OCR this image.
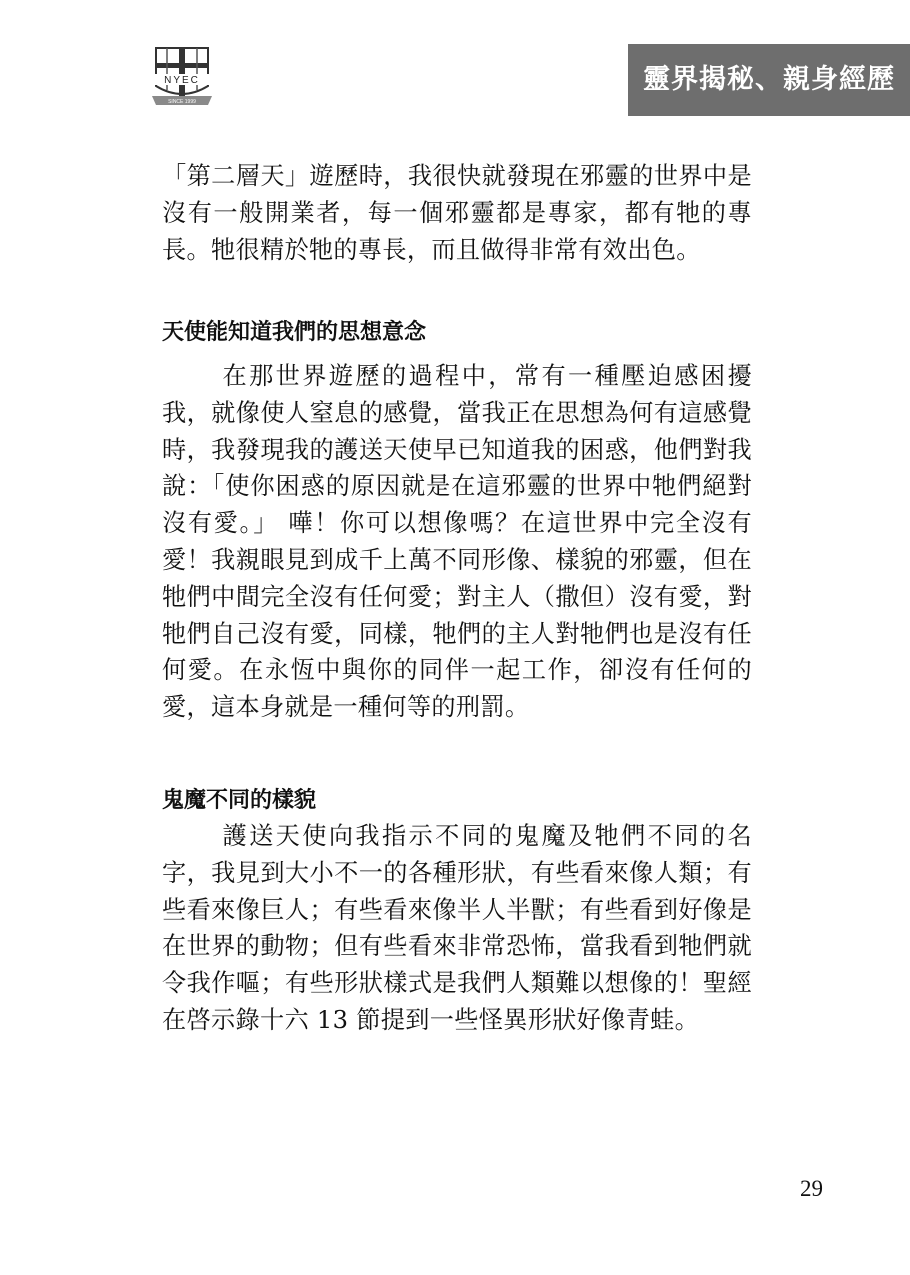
NYEC
SINCE 1999
靈界揭秘、親身經歷

「第二層天」遊歷時，我很快就發現在邪靈的世界中是沒有一般開業者，每一個邪靈都是專家，都有牠的專長。牠很精於牠的專長，而且做得非常有效出色。

天使能知道我們的思想意念

在那世界遊歷的過程中，常有一種壓迫感困擾我，就像使人窒息的感覺，當我正在思想為何有這感覺時，我發現我的護送天使早已知道我的困惑，他們對我說：「使你困惑的原因就是在這邪靈的世界中牠們絕對沒有愛。」 嘩！你可以想像嗎？在這世界中完全沒有愛！我親眼見到成千上萬不同形像、樣貌的邪靈，但在牠們中間完全沒有任何愛；對主人（撒但）沒有愛，對牠們自己沒有愛，同樣，牠們的主人對牠們也是沒有任何愛。在永恆中與你的同伴一起工作，卻沒有任何的愛，這本身就是一種何等的刑罰。

鬼魔不同的樣貌

護送天使向我指示不同的鬼魔及牠們不同的名字，我見到大小不一的各種形狀，有些看來像人類；有些看來像巨人；有些看來像半人半獸；有些看到好像是在世界的動物；但有些看來非常恐怖，當我看到牠們就令我作嘔；有些形狀樣式是我們人類難以想像的！聖經在啓示錄十六 13 節提到一些怪異形狀好像青蛙。

29
